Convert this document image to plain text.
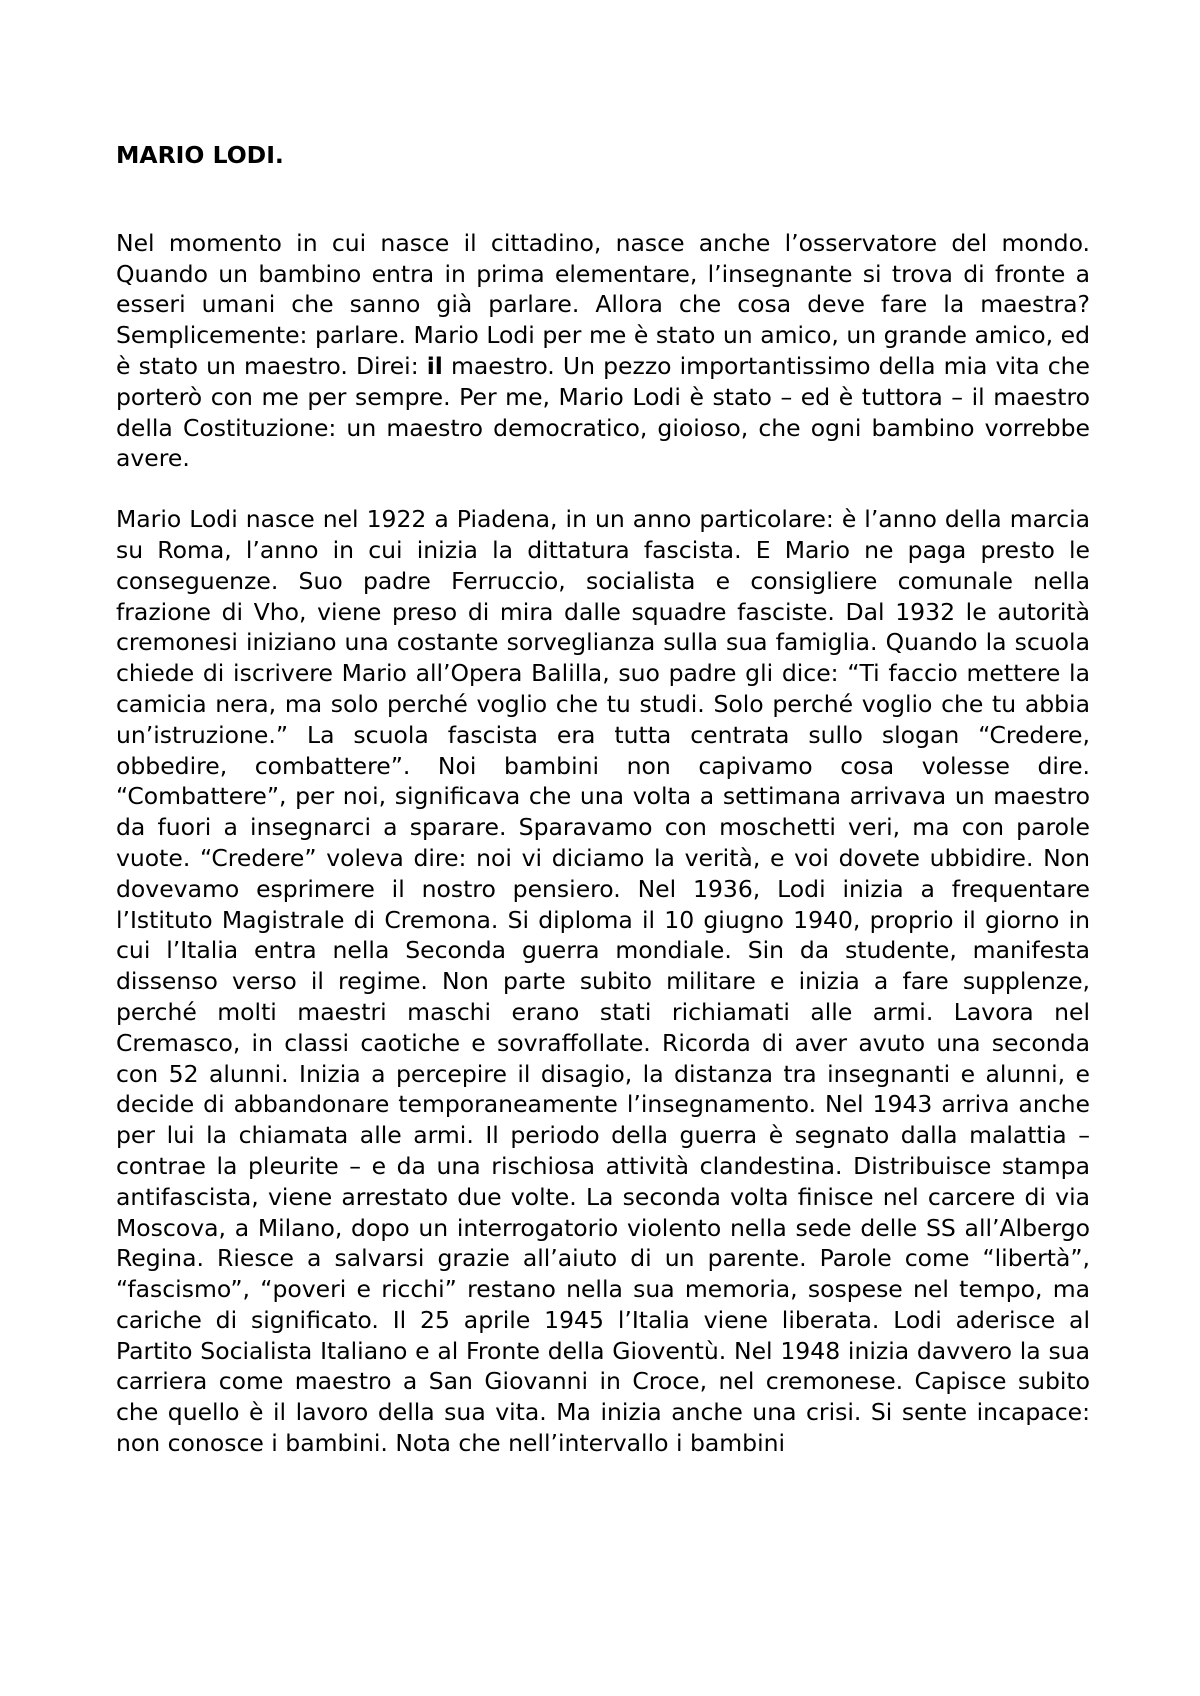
MARIO LODI.

Nel momento in cui nasce il cittadino, nasce anche l’osservatore del mondo. Quando un bambino entra in prima elementare, l’insegnante si trova di fronte a esseri umani che sanno già parlare. Allora che cosa deve fare la maestra? Semplicemente: parlare. Mario Lodi per me è stato un amico, un grande amico, ed è stato un maestro. Direi: il maestro. Un pezzo importantissimo della mia vita che porterò con me per sempre. Per me, Mario Lodi è stato – ed è tuttora – il maestro della Costituzione: un maestro democratico, gioioso, che ogni bambino vorrebbe avere.

Mario Lodi nasce nel 1922 a Piadena, in un anno particolare: è l’anno della marcia su Roma, l’anno in cui inizia la dittatura fascista. E Mario ne paga presto le conseguenze. Suo padre Ferruccio, socialista e consigliere comunale nella frazione di Vho, viene preso di mira dalle squadre fasciste. Dal 1932 le autorità cremonesi iniziano una costante sorveglianza sulla sua famiglia. Quando la scuola chiede di iscrivere Mario all’Opera Balilla, suo padre gli dice: “Ti faccio mettere la camicia nera, ma solo perché voglio che tu studi. Solo perché voglio che tu abbia un’istruzione.” La scuola fascista era tutta centrata sullo slogan “Credere, obbedire, combattere”. Noi bambini non capivamo cosa volesse dire. “Combattere”, per noi, significava che una volta a settimana arrivava un maestro da fuori a insegnarci a sparare. Sparavamo con moschetti veri, ma con parole vuote. “Credere” voleva dire: noi vi diciamo la verità, e voi dovete ubbidire. Non dovevamo esprimere il nostro pensiero. Nel 1936, Lodi inizia a frequentare l’Istituto Magistrale di Cremona. Si diploma il 10 giugno 1940, proprio il giorno in cui l’Italia entra nella Seconda guerra mondiale. Sin da studente, manifesta dissenso verso il regime. Non parte subito militare e inizia a fare supplenze, perché molti maestri maschi erano stati richiamati alle armi. Lavora nel Cremasco, in classi caotiche e sovraffollate. Ricorda di aver avuto una seconda con 52 alunni. Inizia a percepire il disagio, la distanza tra insegnanti e alunni, e decide di abbandonare temporaneamente l’insegnamento. Nel 1943 arriva anche per lui la chiamata alle armi. Il periodo della guerra è segnato dalla malattia – contrae la pleurite – e da una rischiosa attività clandestina. Distribuisce stampa antifascista, viene arrestato due volte. La seconda volta finisce nel carcere di via Moscova, a Milano, dopo un interrogatorio violento nella sede delle SS all’Albergo Regina. Riesce a salvarsi grazie all’aiuto di un parente. Parole come “libertà”, “fascismo”, “poveri e ricchi” restano nella sua memoria, sospese nel tempo, ma cariche di significato. Il 25 aprile 1945 l’Italia viene liberata. Lodi aderisce al Partito Socialista Italiano e al Fronte della Gioventù. Nel 1948 inizia davvero la sua carriera come maestro a San Giovanni in Croce, nel cremonese. Capisce subito che quello è il lavoro della sua vita. Ma inizia anche una crisi. Si sente incapace: non conosce i bambini. Nota che nell’intervallo i bambini
